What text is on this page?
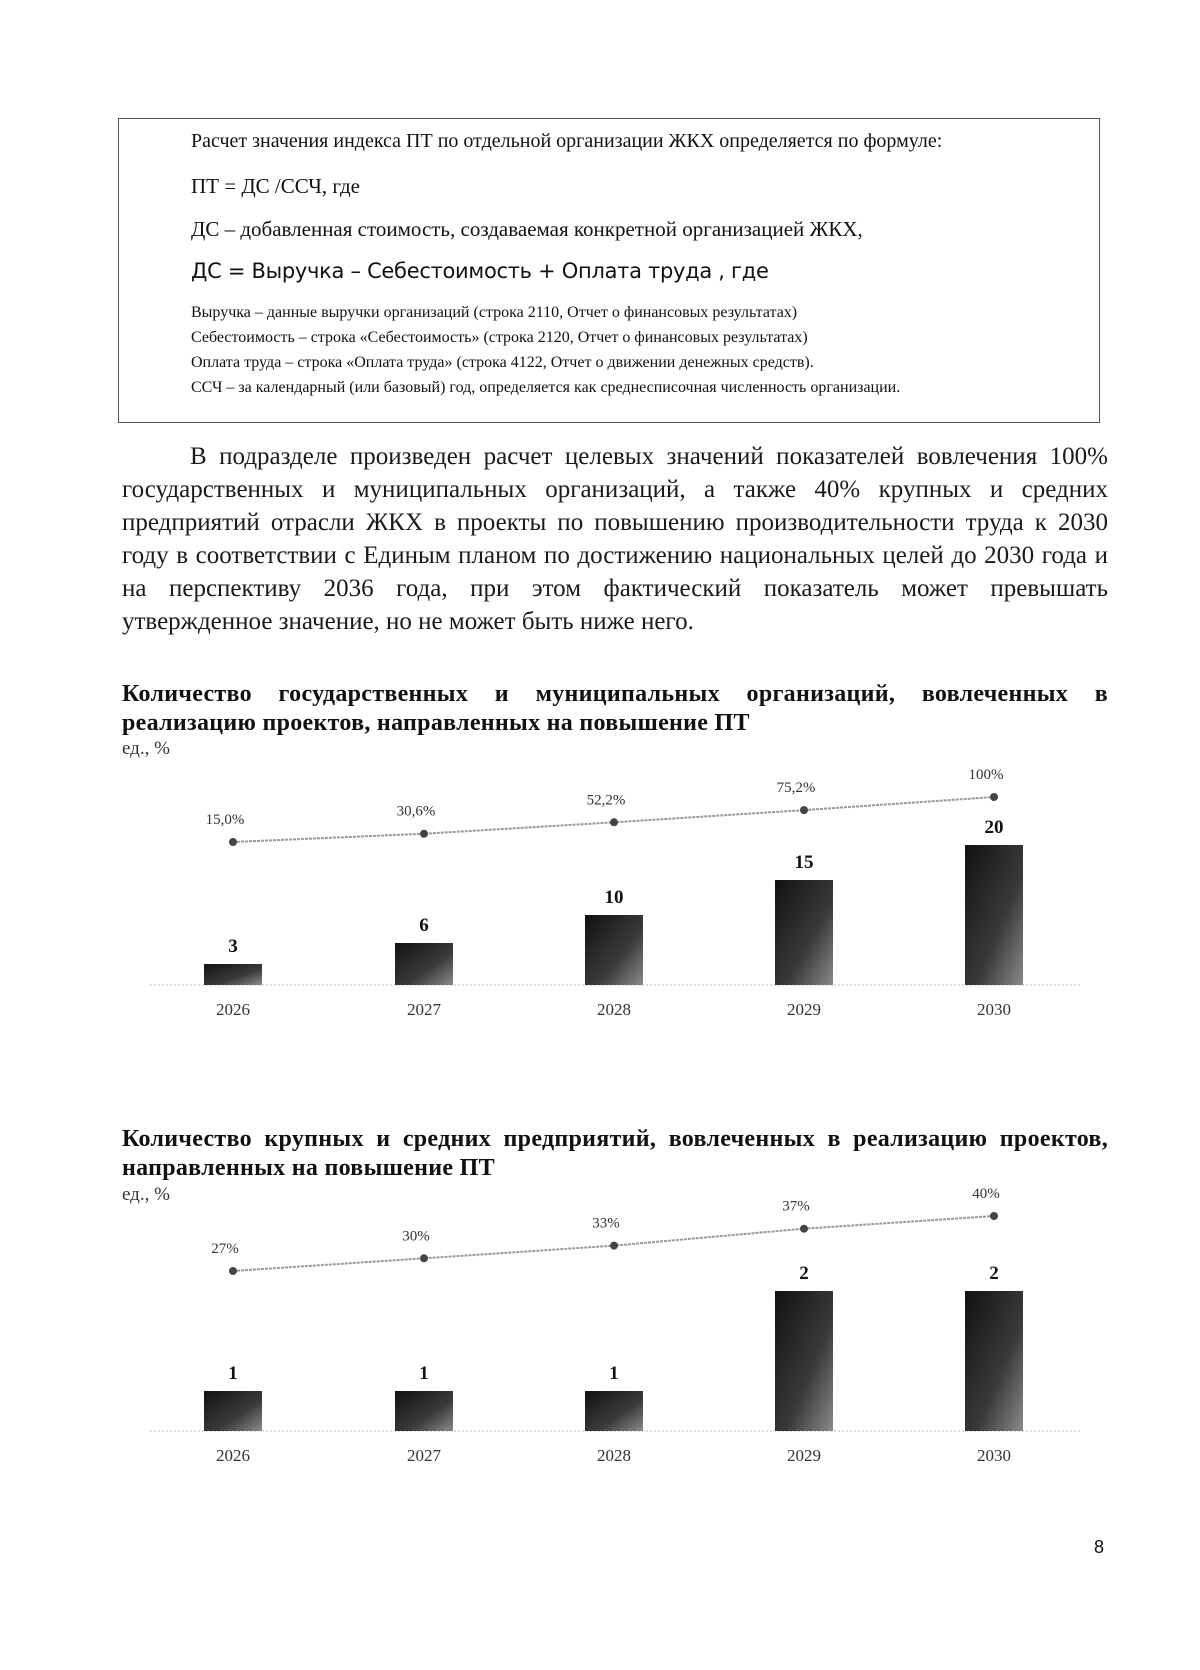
Расчет значения индекса ПТ по отдельной организации ЖКХ определяется по формуле:
ПТ = ДС /ССЧ, где
ДС – добавленная стоимость, создаваемая конкретной организацией ЖКХ,
ДС = Выручка – Себестоимость + Оплата труда , где
Выручка – данные выручки организаций (строка 2110, Отчет о финансовых результатах)
Себестоимость – строка «Себестоимость» (строка 2120, Отчет о финансовых результатах)
Оплата труда – строка «Оплата труда» (строка 4122, Отчет о движении денежных средств).
ССЧ – за календарный (или базовый) год, определяется как среднесписочная численность организации.
В подразделе произведен расчет целевых значений показателей вовлечения 100% государственных и муниципальных организаций, а также 40% крупных и средних предприятий отрасли ЖКХ в проекты по повышению производительности труда к 2030 году в соответствии с Единым планом по достижению национальных целей до 2030 года и на перспективу 2036 года, при этом фактический показатель может превышать утвержденное значение, но не может быть ниже него.
Количество государственных и муниципальных организаций, вовлеченных в реализацию проектов, направленных на повышение ПТ
ед., %
3
6
10
15
20
15,0%
30,6%
52,2%
75,2%
100%
2026	2027	2028	2029	2030
Количество крупных и средних предприятий, вовлеченных в реализацию проектов, направленных на повышение ПТ
ед., %
1	1	1
2	2
27%
30%
33%
37%
40%
2026	2027	2028	2029	2030
8
